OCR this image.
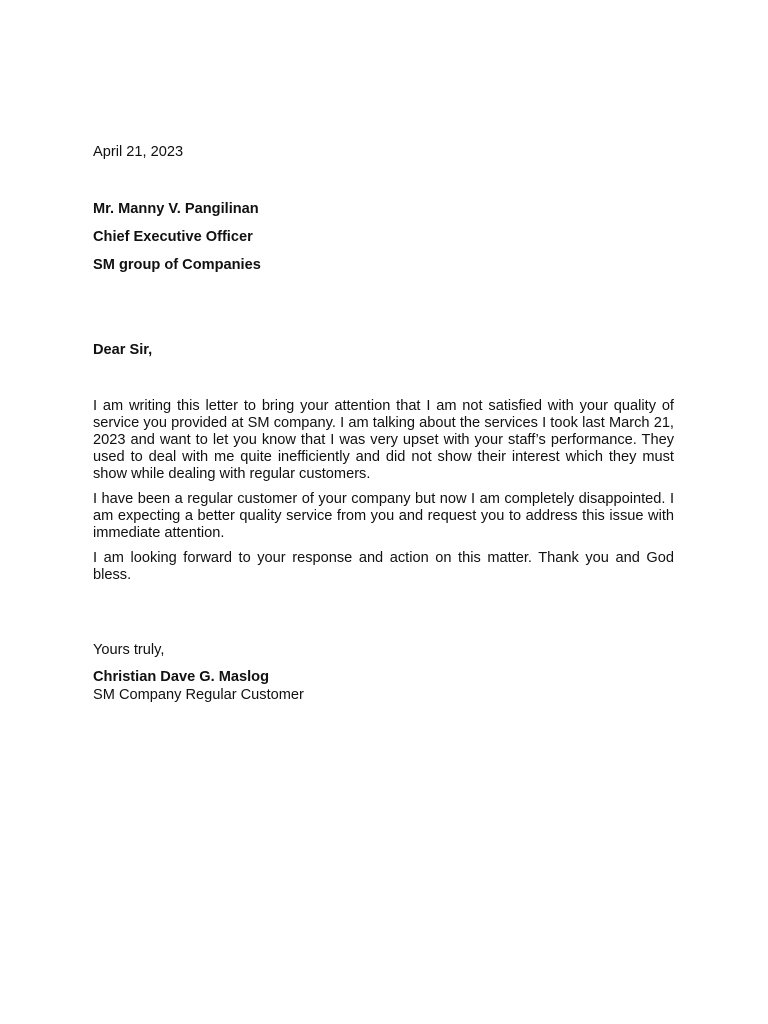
April 21, 2023

Mr. Manny V. Pangilinan

Chief Executive Officer

SM group of Companies

Dear Sir,

I am writing this letter to bring your attention that I am not satisfied with your quality of service you provided at SM company. I am talking about the services I took last March 21, 2023 and want to let you know that I was very upset with your staff’s performance. They used to deal with me quite inefficiently and did not show their interest which they must show while dealing with regular customers.

I have been a regular customer of your company but now I am completely disappointed. I am expecting a better quality service from you and request you to address this issue with immediate attention.

I am looking forward to your response and action on this matter. Thank you and God bless.

Yours truly,

Christian Dave G. Maslog

SM Company Regular Customer
